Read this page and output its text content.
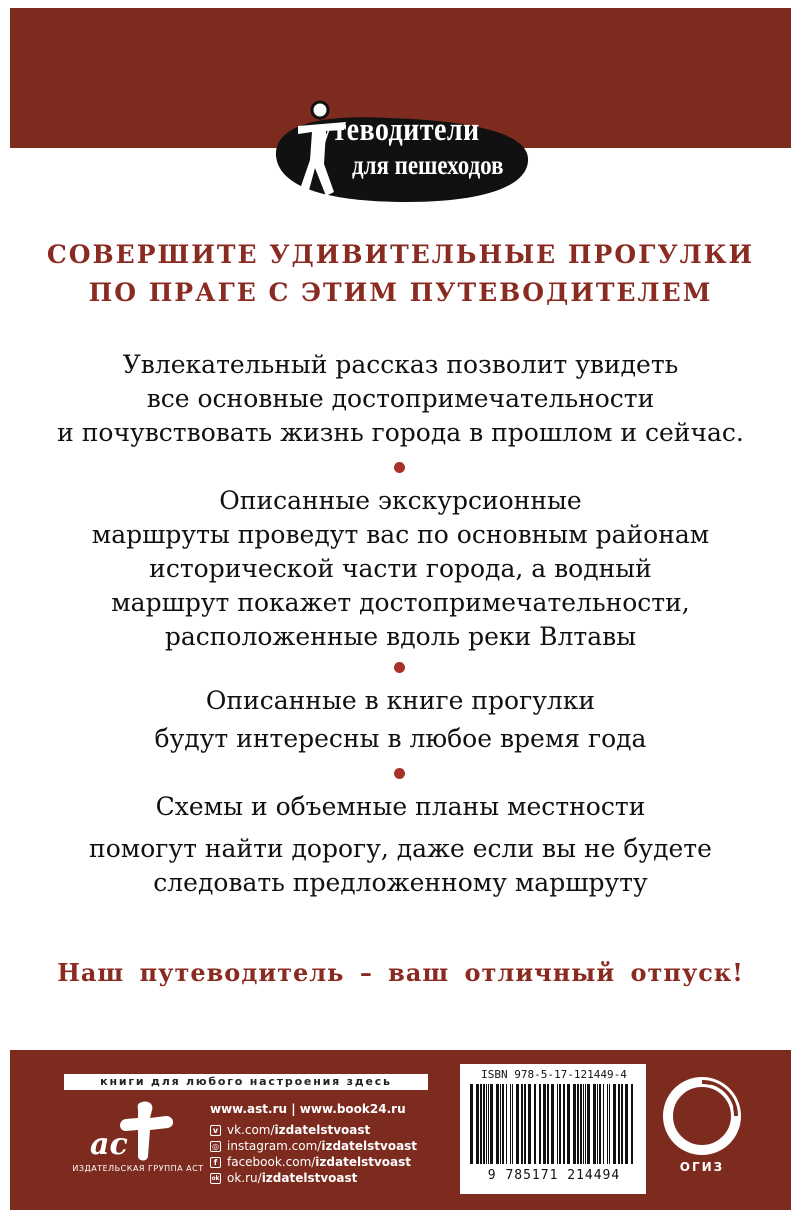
утеводители
для пешеходов
СОВЕРШИТЕ УДИВИТЕЛЬНЫЕ ПРОГУЛКИ
ПО ПРАГЕ С ЭТИМ ПУТЕВОДИТЕЛЕМ
Увлекательный рассказ позволит увидеть
все основные достопримечательности
и почувствовать жизнь города в прошлом и сейчас.
Описанные экскурсионные
маршруты проведут вас по основным районам
исторической части города, а водный
маршрут покажет достопримечательности,
расположенные вдоль реки Влтавы
Описанные в книге прогулки
будут интересны в любое время года
Схемы и объемные планы местности
помогут найти дорогу, даже если вы не будете
следовать предложенному маршруту
Наш путеводитель – ваш отличный отпуск!
книги для любого настроения здесь
ac
ИЗДАТЕЛЬСКАЯ ГРУППА АСТ
www.ast.ru | www.book24.ru
v vk.com/ izdatelstvoast
◎ instagram.com/ izdatelstvoast
f facebook.com/ izdatelstvoast
ok ok.ru/ izdatelstvoast
ISBN 978-5-17-121449-4
9 785171 214494
ОГИЗ
